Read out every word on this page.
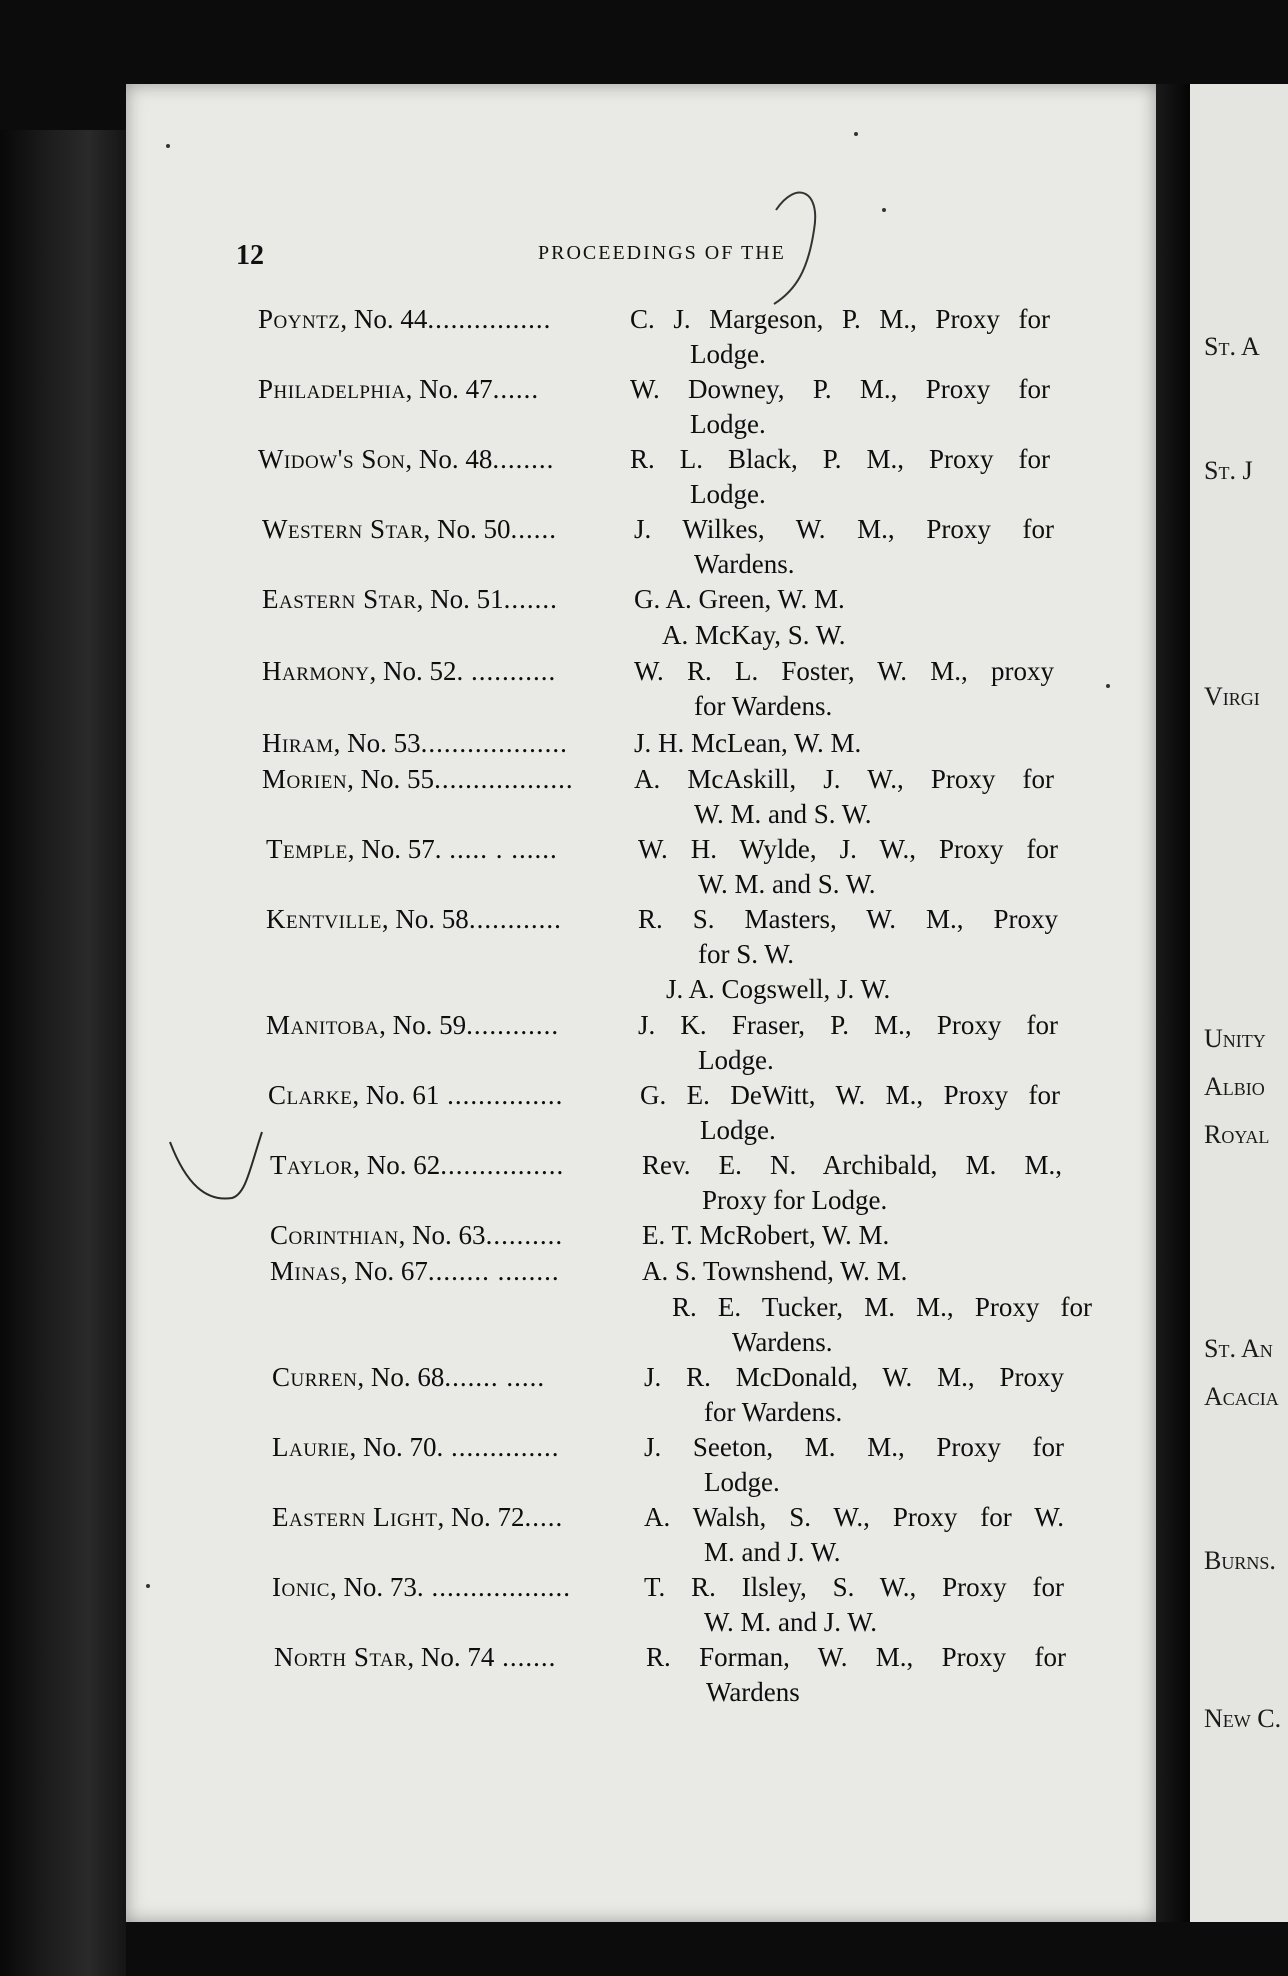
12	PROCEEDINGS OF THE
Poyntz, No. 44................	C. J. Margeson, P. M., Proxy for
Lodge.
Philadelphia, No. 47......	W. Downey, P. M., Proxy for
Lodge.
Widow's Son, No. 48........	R. L. Black, P. M., Proxy for
Lodge.
Western Star, No. 50......	J. Wilkes, W. M., Proxy for
Wardens.
Eastern Star, No. 51.......	G. A. Green, W. M.
A. McKay, S. W.
Harmony, No. 52. ...........	W. R. L. Foster, W. M., proxy
for Wardens.
Hiram, No. 53...................	J. H. McLean, W. M.
Morien, No. 55..................	A. McAskill, J. W., Proxy for
W. M. and S. W.
Temple, No. 57. ..... . ......	W. H. Wylde, J. W., Proxy for
W. M. and S. W.
Kentville, No. 58............	R. S. Masters, W. M., Proxy
for S. W.
J. A. Cogswell, J. W.
Manitoba, No. 59............	J. K. Fraser, P. M., Proxy for
Lodge.
Clarke, No. 61 ...............	G. E. DeWitt, W. M., Proxy for
Lodge.
Taylor, No. 62................	Rev. E. N. Archibald, M. M.,
Proxy for Lodge.
Corinthian, No. 63..........	E. T. McRobert, W. M.
Minas, No. 67........ ........	A. S. Townshend, W. M.
R. E. Tucker, M. M., Proxy for
Wardens.
Curren, No. 68....... .....	J. R. McDonald, W. M., Proxy
for Wardens.
Laurie, No. 70. ..............	J. Seeton, M. M., Proxy for
Lodge.
Eastern Light, No. 72.....	A. Walsh, S. W., Proxy for W.
M. and J. W.
Ionic, No. 73. ..................	T. R. Ilsley, S. W., Proxy for
W. M. and J. W.
North Star, No. 74 .......	R. Forman, W. M., Proxy for
Wardens
St. A
St. J
Virgi
Unity
Albio
Royal
St. An
Acacia
Burns.
New C.
